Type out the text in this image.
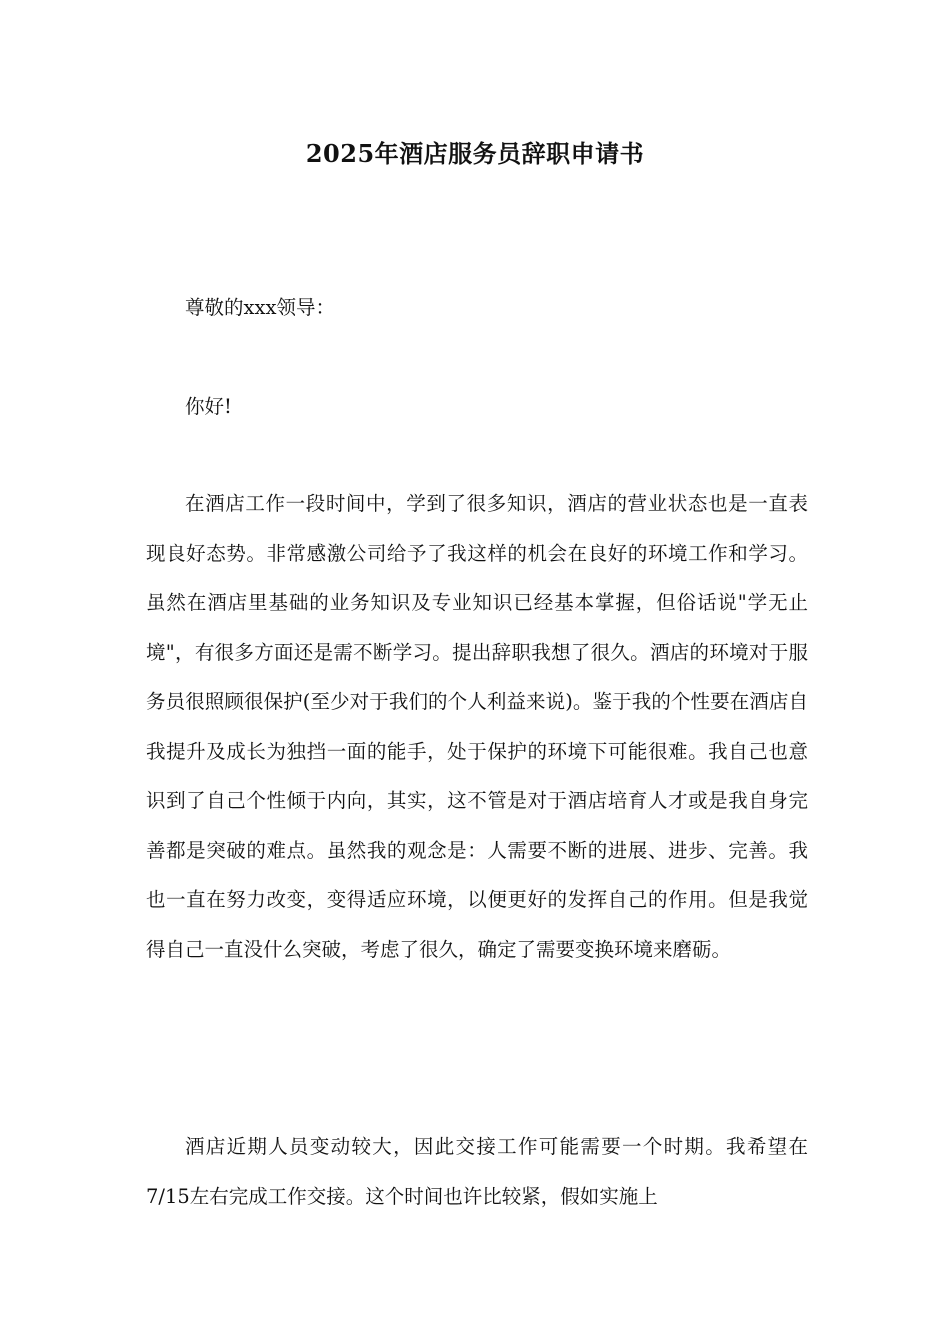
2025年酒店服务员辞职申请书

尊敬的xxx领导：

你好!

在酒店工作一段时间中，学到了很多知识，酒店的营业状态也是一直表现良好态势。非常感激公司给予了我这样的机会在良好的环境工作和学习。虽然在酒店里基础的业务知识及专业知识已经基本掌握，但俗话说"学无止境"，有很多方面还是需不断学习。提出辞职我想了很久。酒店的环境对于服务员很照顾很保护(至少对于我们的个人利益来说)。鉴于我的个性要在酒店自我提升及成长为独挡一面的能手，处于保护的环境下可能很难。我自己也意识到了自己个性倾于内向，其实，这不管是对于酒店培育人才或是我自身完善都是突破的难点。虽然我的观念是：人需要不断的进展、进步、完善。我也一直在努力改变，变得适应环境，以便更好的发挥自己的作用。但是我觉得自己一直没什么突破，考虑了很久，确定了需要变换环境来磨砺。

酒店近期人员变动较大，因此交接工作可能需要一个时期。我希望在7/15左右完成工作交接。这个时间也许比较紧，假如实施上
